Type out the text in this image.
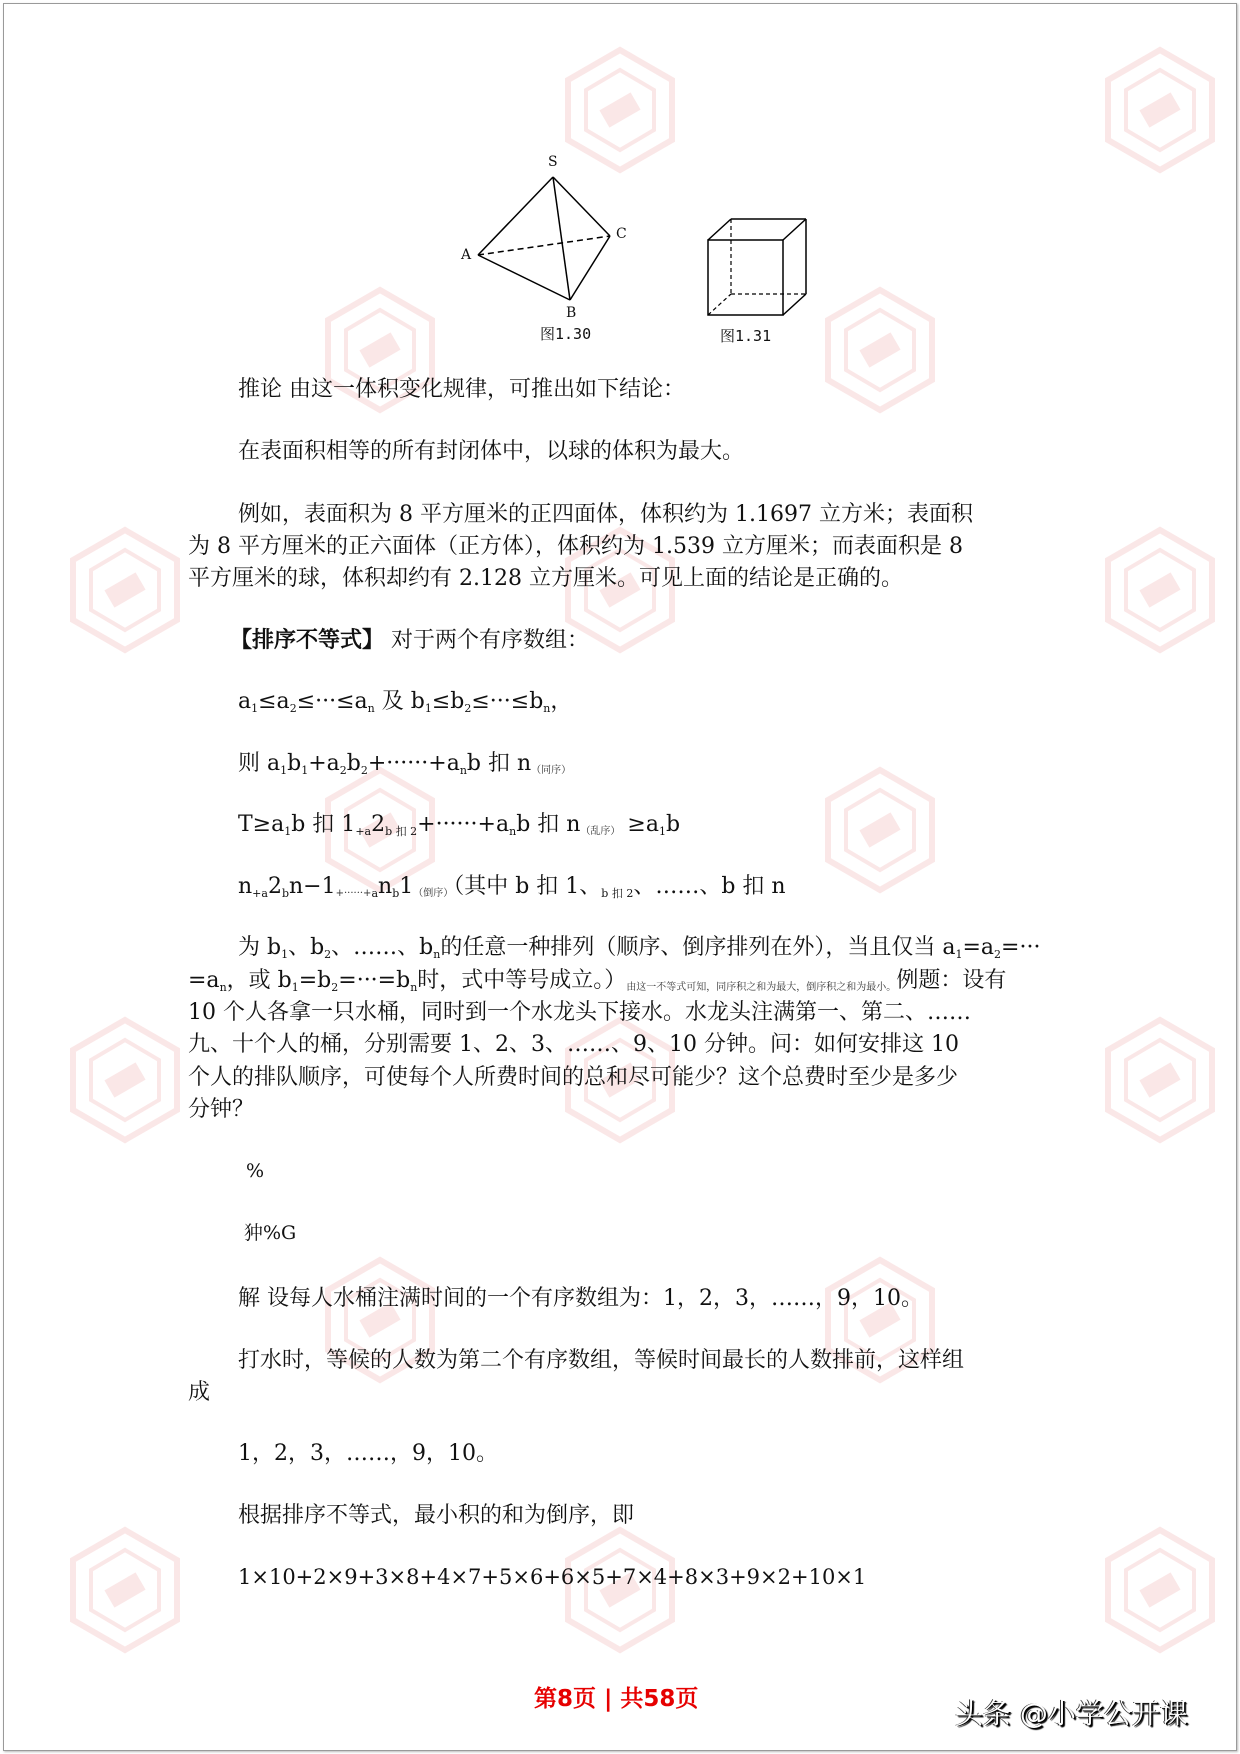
S
A
B
C
图1.30	图1.31
推论 由这一体积变化规律，可推出如下结论：
在表面积相等的所有封闭体中，以球的体积为最大。
例如，表面积为 8 平方厘米的正四面体，体积约为 1.1697 立方米；表面积
为 8 平方厘米的正六面体（正方体），体积约为 1.539 立方厘米；而表面积是 8
平方厘米的球，体积却约有 2.128 立方厘米。可见上面的结论是正确的。
【排序不等式】 对于两个有序数组：
$a_1\le a_2\le\cdot\cdot\cdot\le a_n$ 及 $b_1\le b_2\le\cdot\cdot\cdot\le b_n$，
则 $a_1b_1+a_2b_2+\cdot\cdot\cdot\cdot\cdot\cdot+a_nb$ 扣 n（同序）
$T\ge a_1b$ 扣 $1_{+a}2_{b 扣 2}+\cdot\cdot\cdot\cdot\cdot\cdot+a_nb$ 扣 n（乱序） $\ge a_1b$
$n_{+a}2_bn-1+\cdot\cdot\cdot\cdot\cdot\cdot+_an_b1$（倒序）（其中 b 扣 1、$_{b 扣 2}$、……、b 扣 n
为 $b_1$、$b_2$、……、$b_n$的任意一种排列（顺序、倒序排列在外），当且仅当 $a_1=a_2=\cdot\cdot\cdot$
$=a_n$，或 $b_1=b_2=\cdot\cdot\cdot=b_n$时，式中等号成立。）由这一不等式可知，同序积之和为最大，倒序积之和为最小。例题：设有
10 个人各拿一只水桶，同时到一个水龙头下接水。水龙头注满第一、第二、……
九、十个人的桶，分别需要 1、2、3、……、9、10 分钟。问：如何安排这 10
个人的排队顺序，可使每个人所费时间的总和尽可能少？这个总费时至少是多少
分钟？
%
狆%G
解 设每人水桶注满时间的一个有序数组为：1，2，3，……，9，10。
打水时，等候的人数为第二个有序数组，等候时间最长的人数排前，这样组
成
1，2，3，……，9，10。
根据排序不等式，最小积的和为倒序，即
1×10+2×9+3×8+4×7+5×6+6×5+7×4+8×3+9×2+10×1
第8页 | 共58页	头条 @小学公开课
